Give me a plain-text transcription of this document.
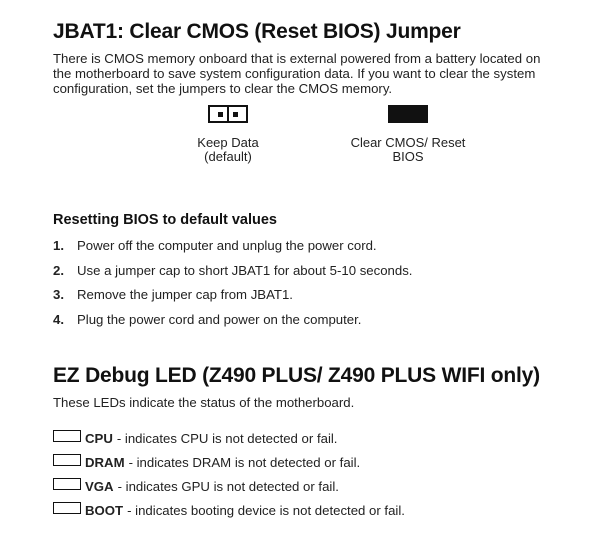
JBAT1: Clear CMOS (Reset BIOS) Jumper
There is CMOS memory onboard that is external powered from a battery located on
the motherboard to save system configuration data. If you want to clear the system
configuration, set the jumpers to clear the CMOS memory.
Keep Data
(default)
Clear CMOS/ Reset
BIOS
Resetting BIOS to default values
1. Power off the computer and unplug the power cord.
2. Use a jumper cap to short JBAT1 for about 5-10 seconds.
3. Remove the jumper cap from JBAT1.
4. Plug the power cord and power on the computer.
EZ Debug LED (Z490 PLUS/ Z490 PLUS WIFI only)
These LEDs indicate the status of the motherboard.
CPU - indicates CPU is not detected or fail.
DRAM - indicates DRAM is not detected or fail.
VGA - indicates GPU is not detected or fail.
BOOT - indicates booting device is not detected or fail.
